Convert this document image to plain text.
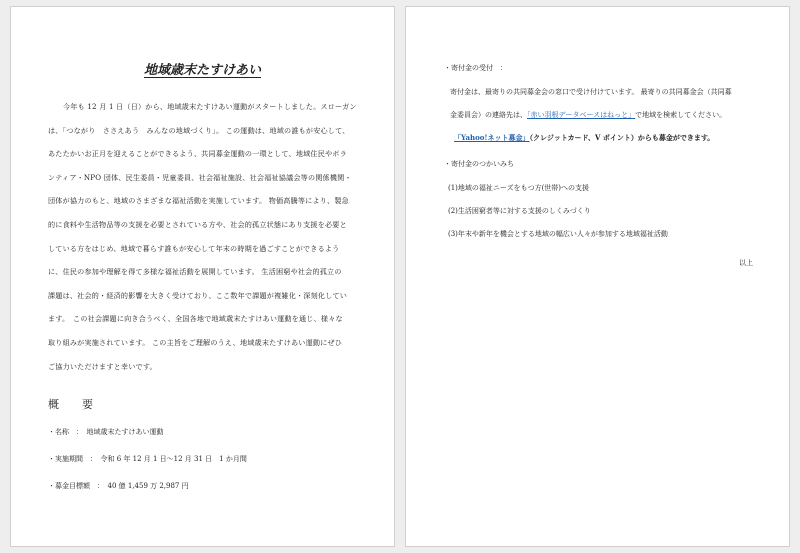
地域歳末たすけあい
今年も 12 月 1 日（日）から、地域歳末たすけあい運動がスタートしました。スローガン
は、「つながり　ささえあう　みんなの地域づくり」。 この運動は、地域の誰もが安心して、
あたたかいお正月を迎えることができるよう、共同募金運動の一環として、地域住民やボラ
ンティア・NPO 団体、民生委員・児童委員、社会福祉施設、社会福祉協議会等の関係機関・
団体が協力のもと、地域のさまざまな福祉活動を実施しています。 物価高騰等により、製急
的に食料や生活物品等の支援を必要とされている方や、社会的孤立状態にあり支援を必要と
している方をはじめ、地域で暮らす誰もが安心して年末の時期を過ごすことができるよう
に、住民の参加や理解を得て多様な福祉活動を展開しています。 生活困窮や社会的孤立の
課題は、社会的・経済的影響を大きく受けており、ここ数年で課題が複雑化・深刻化してい
ます。　この社会課題に向き合うべく、全国各地で地域歳末たすけあい運動を通じ、様々な
取り組みが実施されています。 この主旨をご理解のうえ、地域歳末たすけあい運動にぜひ
ご協力いただけますと幸いです。
概　要
・名称　：　地域歳末たすけあい運動
・実施期間　：　令和 6 年 12 月 1 日～12 月 31 日　1 か月間
・募金目標額　：　40 億 1,459 万 2,987 円
・寄付金の受付　：
寄付金は、最寄りの共同募金会の窓口で受け付けています。 最寄りの共同募金会（共同募
金委員会）の連絡先は、「赤い羽根データベースはねっと」で地域を検索してください。
「Yahoo!ネット募金」（クレジットカード、V ポイント）からも募金ができます。
・寄付金のつかいみち
(1)地域の福祉ニーズをもつ方(世帯)への支援
(2)生活困窮者等に対する支援のしくみづくり
(3)年末や新年を機会とする地域の幅広い人々が参加する地域福祉活動
以上
